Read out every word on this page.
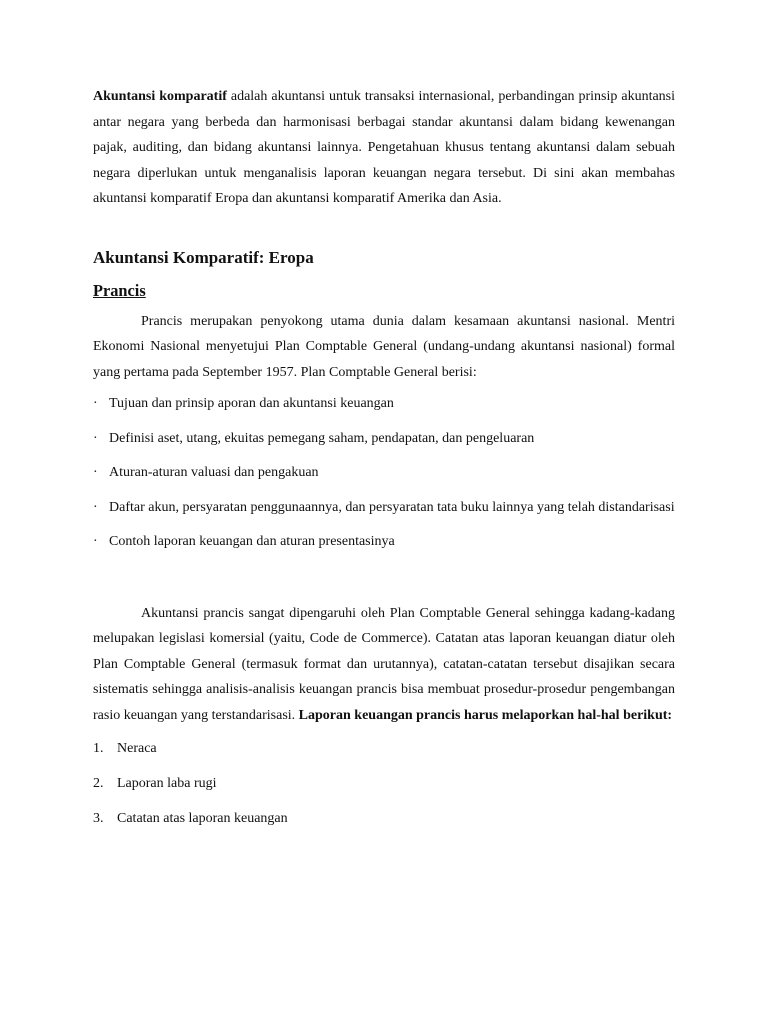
Akuntansi komparatif adalah akuntansi untuk transaksi internasional, perbandingan prinsip akuntansi antar negara yang berbeda dan harmonisasi berbagai standar akuntansi dalam bidang kewenangan pajak, auditing, dan bidang akuntansi lainnya. Pengetahuan khusus tentang akuntansi dalam sebuah negara diperlukan untuk menganalisis laporan keuangan negara tersebut. Di sini akan membahas akuntansi komparatif Eropa dan akuntansi komparatif Amerika dan Asia.

Akuntansi Komparatif: Eropa
Prancis

Prancis merupakan penyokong utama dunia dalam kesamaan akuntansi nasional. Mentri Ekonomi Nasional menyetujui Plan Comptable General (undang-undang akuntansi nasional) formal yang pertama pada September 1957. Plan Comptable General berisi:

· Tujuan dan prinsip aporan dan akuntansi keuangan
· Definisi aset, utang, ekuitas pemegang saham, pendapatan, dan pengeluaran
· Aturan-aturan valuasi dan pengakuan
· Daftar akun, persyaratan penggunaannya, dan persyaratan tata buku lainnya yang telah distandarisasi
· Contoh laporan keuangan dan aturan presentasinya

Akuntansi prancis sangat dipengaruhi oleh Plan Comptable General sehingga kadang-kadang melupakan legislasi komersial (yaitu, Code de Commerce). Catatan atas laporan keuangan diatur oleh Plan Comptable General (termasuk format dan urutannya), catatan-catatan tersebut disajikan secara sistematis sehingga analisis-analisis keuangan prancis bisa membuat prosedur-prosedur pengembangan rasio keuangan yang terstandarisasi. Laporan keuangan prancis harus melaporkan hal-hal berikut:

1. Neraca
2. Laporan laba rugi
3. Catatan atas laporan keuangan
